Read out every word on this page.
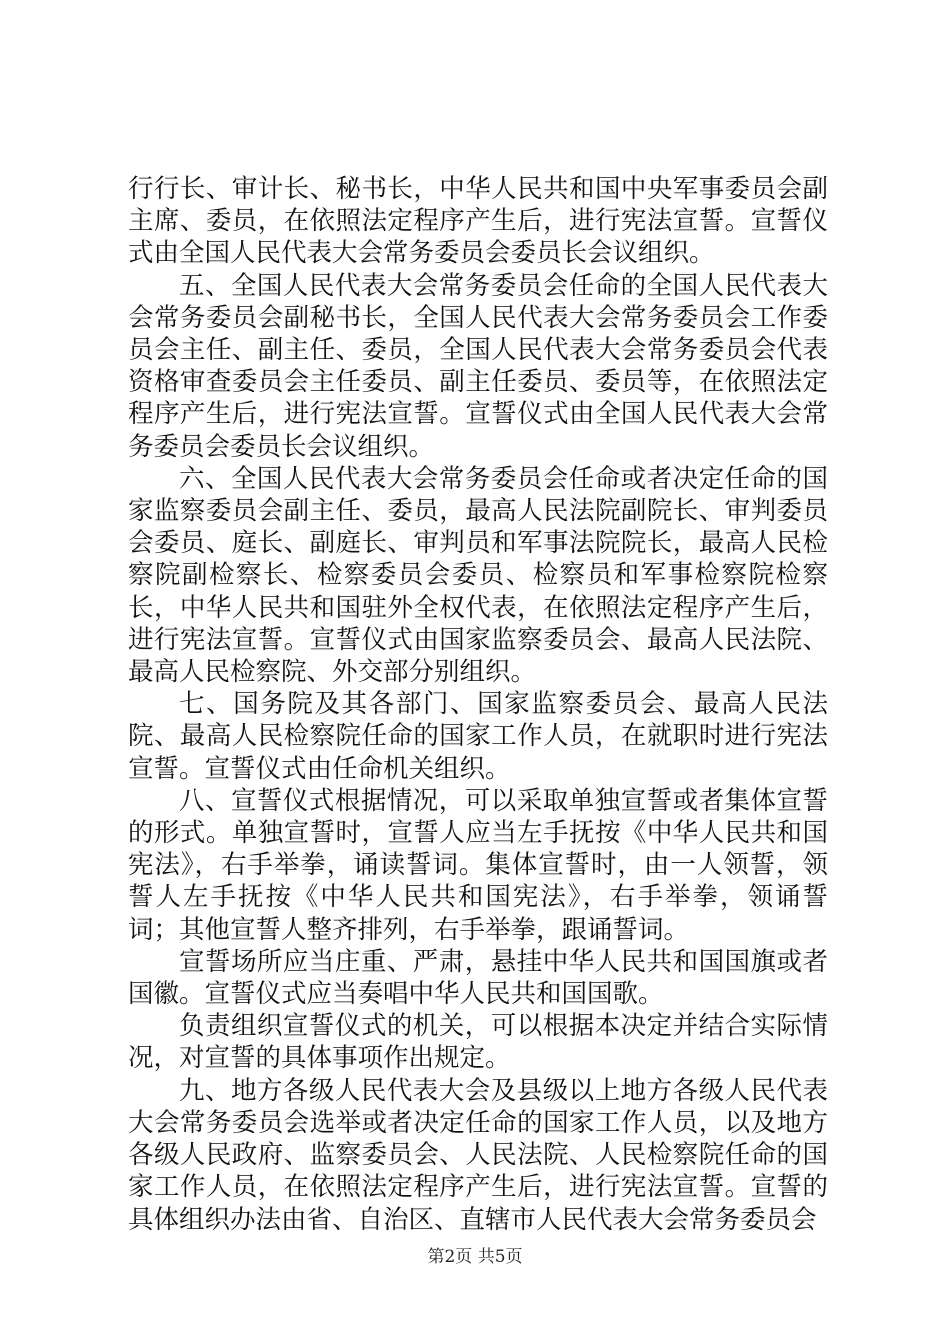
行行长、审计长、秘书长，中华人民共和国中央军事委员会副主席、委员，在依照法定程序产生后，进行宪法宣誓。宣誓仪式由全国人民代表大会常务委员会委员长会议组织。

五、全国人民代表大会常务委员会任命的全国人民代表大会常务委员会副秘书长，全国人民代表大会常务委员会工作委员会主任、副主任、委员，全国人民代表大会常务委员会代表资格审查委员会主任委员、副主任委员、委员等，在依照法定程序产生后，进行宪法宣誓。宣誓仪式由全国人民代表大会常务委员会委员长会议组织。

六、全国人民代表大会常务委员会任命或者决定任命的国家监察委员会副主任、委员，最高人民法院副院长、审判委员会委员、庭长、副庭长、审判员和军事法院院长，最高人民检察院副检察长、检察委员会委员、检察员和军事检察院检察长，中华人民共和国驻外全权代表，在依照法定程序产生后，进行宪法宣誓。宣誓仪式由国家监察委员会、最高人民法院、最高人民检察院、外交部分别组织。

七、国务院及其各部门、国家监察委员会、最高人民法院、最高人民检察院任命的国家工作人员，在就职时进行宪法宣誓。宣誓仪式由任命机关组织。

八、宣誓仪式根据情况，可以采取单独宣誓或者集体宣誓的形式。单独宣誓时，宣誓人应当左手抚按《中华人民共和国宪法》，右手举拳，诵读誓词。集体宣誓时，由一人领誓，领誓人左手抚按《中华人民共和国宪法》，右手举拳，领诵誓词；其他宣誓人整齐排列，右手举拳，跟诵誓词。

宣誓场所应当庄重、严肃，悬挂中华人民共和国国旗或者国徽。宣誓仪式应当奏唱中华人民共和国国歌。

负责组织宣誓仪式的机关，可以根据本决定并结合实际情况，对宣誓的具体事项作出规定。

九、地方各级人民代表大会及县级以上地方各级人民代表大会常务委员会选举或者决定任命的国家工作人员，以及地方各级人民政府、监察委员会、人民法院、人民检察院任命的国家工作人员，在依照法定程序产生后，进行宪法宣誓。宣誓的具体组织办法由省、自治区、直辖市人民代表大会常务委员会

第2页 共5页
